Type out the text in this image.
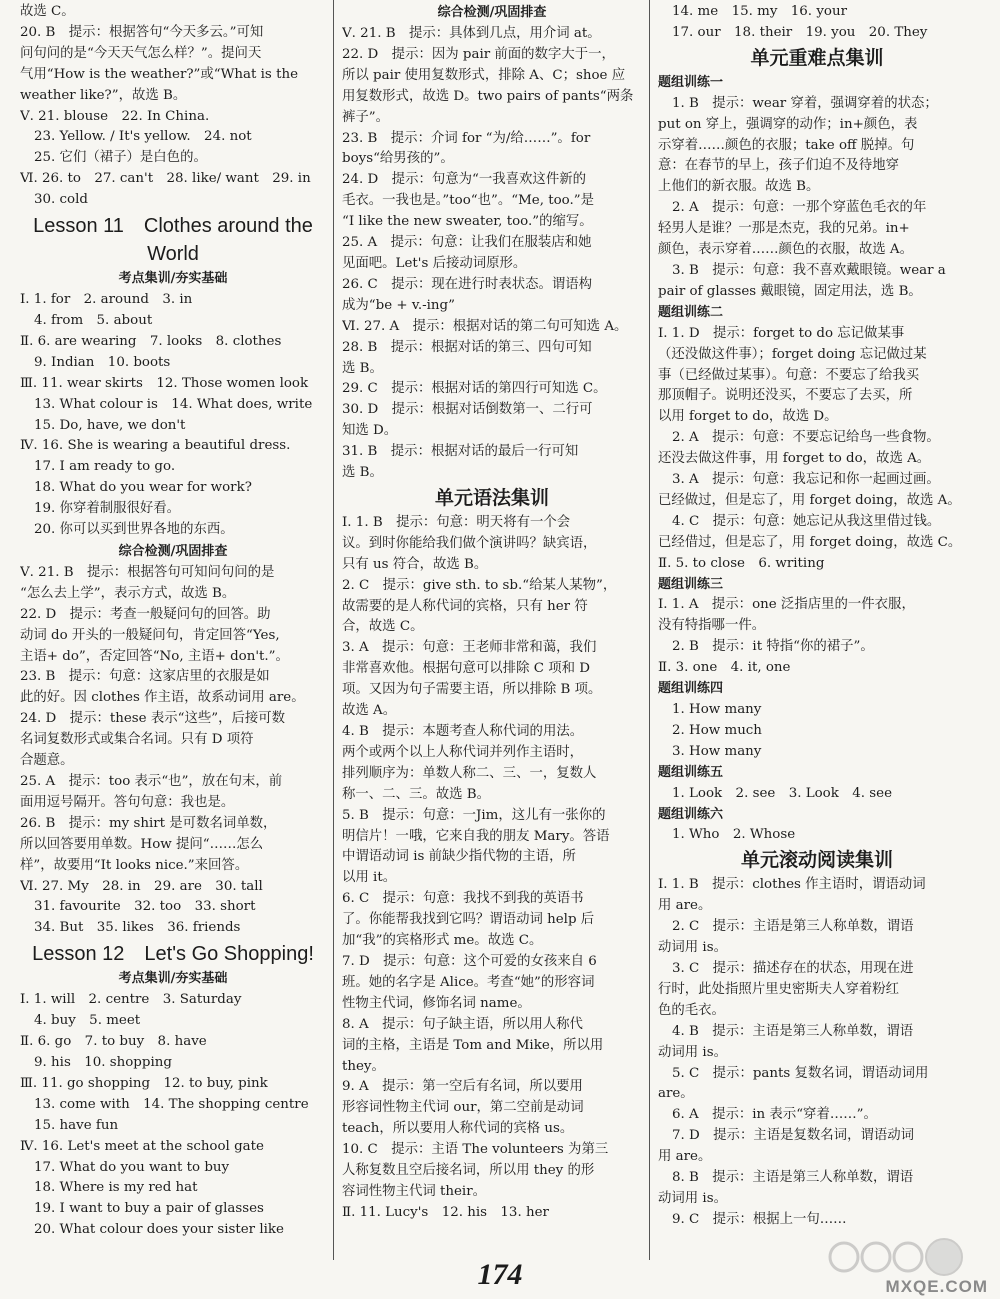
故选 C。
20. B　提示：根据答句“今天多云。”可知
问句问的是“今天天气怎么样？”。提问天
气用“How is the weather?”或“What is the
weather like?”，故选 B。
Ⅴ. 21. blouse　22. In China.
23. Yellow. / It's yellow.　24. not
25. 它们（裙子）是白色的。
Ⅵ. 26. to　27. can't　28. like/ want　29. in
30. cold
Lesson 11　Clothes around the
World
考点集训/夯实基础
Ⅰ. 1. for　2. around　3. in
4. from　5. about
Ⅱ. 6. are wearing　7. looks　8. clothes
9. Indian　10. boots
Ⅲ. 11. wear skirts　12. Those women look
13. What colour is　14. What does, write
15. Do, have, we don't
Ⅳ. 16. She is wearing a beautiful dress.
17. I am ready to go.
18. What do you wear for work?
19. 你穿着制服很好看。
20. 你可以买到世界各地的东西。
综合检测/巩固排查
Ⅴ. 21. B　提示：根据答句可知问句问的是
“怎么去上学”，表示方式，故选 B。
22. D　提示：考查一般疑问句的回答。助
动词 do 开头的一般疑问句，肯定回答“Yes,
主语+ do”，否定回答“No, 主语+ don't.”。
23. B　提示：句意：这家店里的衣服是如
此的好。因 clothes 作主语，故系动词用 are。
24. D　提示：these 表示“这些”，后接可数
名词复数形式或集合名词。只有 D 项符
合题意。
25. A　提示：too 表示“也”，放在句末，前
面用逗号隔开。答句句意：我也是。
26. B　提示：my shirt 是可数名词单数，
所以回答要用单数。How 提问“……怎么
样”，故要用“It looks nice.”来回答。
Ⅵ. 27. My　28. in　29. are　30. tall
31. favourite　32. too　33. short
34. But　35. likes　36. friends
Lesson 12　Let's Go Shopping!
考点集训/夯实基础
Ⅰ. 1. will　2. centre　3. Saturday
4. buy　5. meet
Ⅱ. 6. go　7. to buy　8. have
9. his　10. shopping
Ⅲ. 11. go shopping　12. to buy, pink
13. come with　14. The shopping centre
15. have fun
Ⅳ. 16. Let's meet at the school gate
17. What do you want to buy
18. Where is my red hat
19. I want to buy a pair of glasses
20. What colour does your sister like
综合检测/巩固排查
Ⅴ. 21. B　提示：具体到几点，用介词 at。
22. D　提示：因为 pair 前面的数字大于一，
所以 pair 使用复数形式，排除 A、C；shoe 应
用复数形式，故选 D。two pairs of pants“两条
裤子”。
23. B　提示：介词 for “为/给……”。for
boys“给男孩的”。
24. D　提示：句意为“一我喜欢这件新的
毛衣。一我也是。”too“也”。“Me, too.”是
“I like the new sweater, too.”的缩写。
25. A　提示：句意：让我们在服装店和她
见面吧。Let's 后接动词原形。
26. C　提示：现在进行时表状态。谓语构
成为“be + v.-ing”
Ⅵ. 27. A　提示：根据对话的第二句可知选 A。
28. B　提示：根据对话的第三、四句可知
选 B。
29. C　提示：根据对话的第四行可知选 C。
30. D　提示：根据对话倒数第一、二行可
知选 D。
31. B　提示：根据对话的最后一行可知
选 B。
单元语法集训
Ⅰ. 1. B　提示：句意：明天将有一个会
议。到时你能给我们做个演讲吗？缺宾语，
只有 us 符合，故选 B。
2. C　提示：give sth. to sb.“给某人某物”，
故需要的是人称代词的宾格，只有 her 符
合，故选 C。
3. A　提示：句意：王老师非常和蔼，我们
非常喜欢他。根据句意可以排除 C 项和 D
项。又因为句子需要主语，所以排除 B 项。
故选 A。
4. B　提示：本题考查人称代词的用法。
两个或两个以上人称代词并列作主语时，
排列顺序为：单数人称二、三、一，复数人
称一、二、三。故选 B。
5. B　提示：句意：一Jim，这儿有一张你的
明信片！一哦，它来自我的朋友 Mary。答语
中谓语动词 is 前缺少指代物的主语，所
以用 it。
6. C　提示：句意：我找不到我的英语书
了。你能帮我找到它吗？谓语动词 help 后
加“我”的宾格形式 me。故选 C。
7. D　提示：句意：这个可爱的女孩来自 6
班。她的名字是 Alice。考查“她”的形容词
性物主代词，修饰名词 name。
8. A　提示：句子缺主语，所以用人称代
词的主格，主语是 Tom and Mike，所以用
they。
9. A　提示：第一空后有名词，所以要用
形容词性物主代词 our，第二空前是动词
teach，所以要用人称代词的宾格 us。
10. C　提示：主语 The volunteers 为第三
人称复数且空后接名词，所以用 they 的形
容词性物主代词 their。
Ⅱ. 11. Lucy's　12. his　13. her
14. me　15. my　16. your
17. our　18. their　19. you　20. They
单元重难点集训
题组训练一
1. B　提示：wear 穿着，强调穿着的状态；
put on 穿上，强调穿的动作；in+颜色，表
示穿着……颜色的衣服；take off 脱掉。句
意：在春节的早上，孩子们迫不及待地穿
上他们的新衣服。故选 B。
2. A　提示：句意：一那个穿蓝色毛衣的年
轻男人是谁？一那是杰克，我的兄弟。in+
颜色，表示穿着……颜色的衣服，故选 A。
3. B　提示：句意：我不喜欢戴眼镜。wear a
pair of glasses 戴眼镜，固定用法，选 B。
题组训练二
Ⅰ. 1. D　提示：forget to do 忘记做某事
（还没做这件事）；forget doing 忘记做过某
事（已经做过某事）。句意：不要忘了给我买
那顶帽子。说明还没买，不要忘了去买，所
以用 forget to do，故选 D。
2. A　提示：句意：不要忘记给鸟一些食物。
还没去做这件事，用 forget to do，故选 A。
3. A　提示：句意：我忘记和你一起画过画。
已经做过，但是忘了，用 forget doing，故选 A。
4. C　提示：句意：她忘记从我这里借过钱。
已经借过，但是忘了，用 forget doing，故选 C。
Ⅱ. 5. to close　6. writing
题组训练三
Ⅰ. 1. A　提示：one 泛指店里的一件衣服，
没有特指哪一件。
2. B　提示：it 特指“你的裙子”。
Ⅱ. 3. one　4. it, one
题组训练四
1. How many
2. How much
3. How many
题组训练五
1. Look　2. see　3. Look　4. see
题组训练六
1. Who　2. Whose
单元滚动阅读集训
Ⅰ. 1. B　提示：clothes 作主语时，谓语动词
用 are。
2. C　提示：主语是第三人称单数，谓语
动词用 is。
3. C　提示：描述存在的状态，用现在进
行时，此处指照片里史密斯夫人穿着粉红
色的毛衣。
4. B　提示：主语是第三人称单数，谓语
动词用 is。
5. C　提示：pants 复数名词，谓语动词用
are。
6. A　提示：in 表示“穿着……”。
7. D　提示：主语是复数名词，谓语动词
用 are。
8. B　提示：主语是第三人称单数，谓语
动词用 is。
9. C　提示：根据上一句……
174	MXQE.COM
